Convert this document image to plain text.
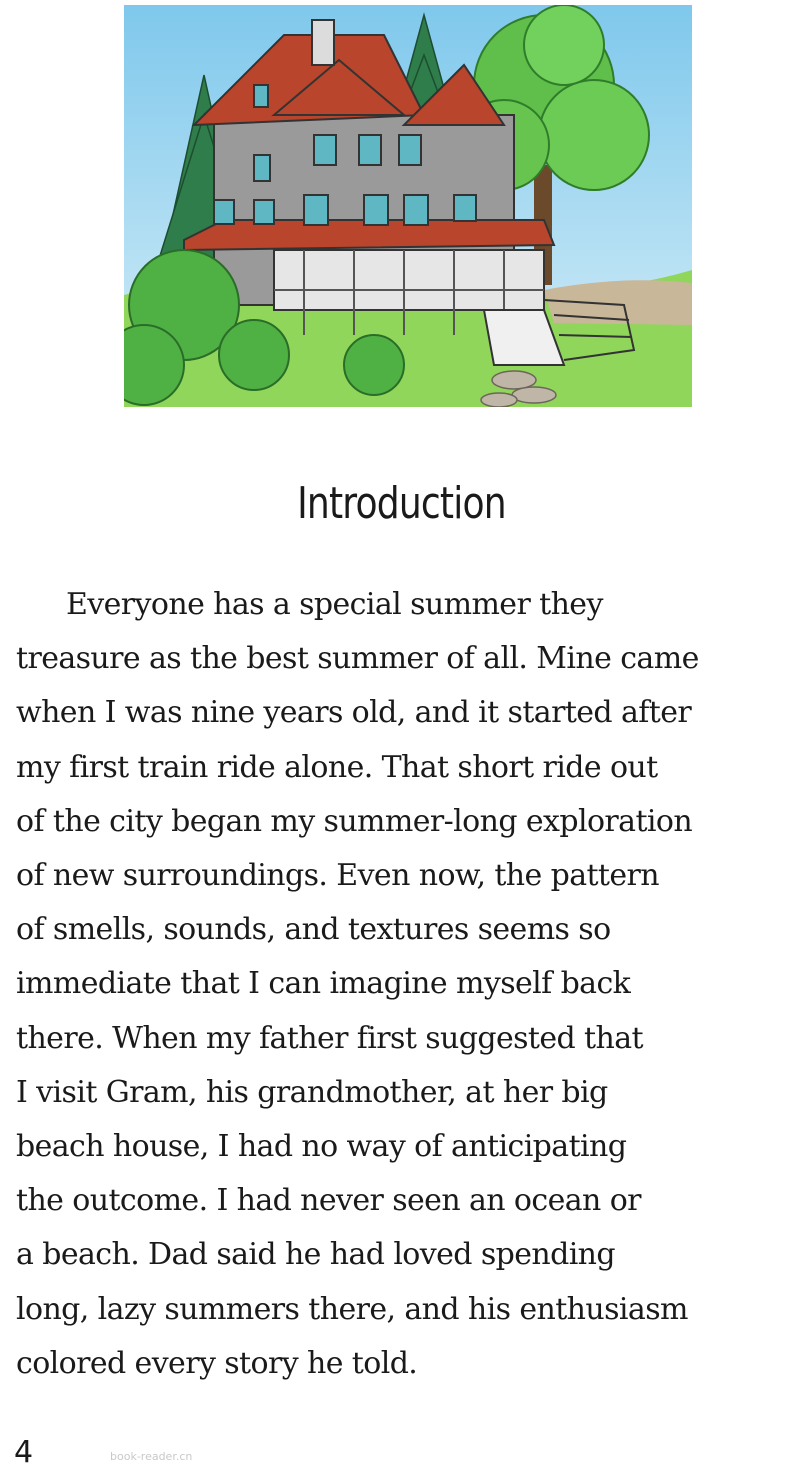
Introduction

Everyone has a special summer they
treasure as the best summer of all. Mine came
when I was nine years old, and it started after
my first train ride alone. That short ride out
of the city began my summer-long exploration
of new surroundings. Even now, the pattern
of smells, sounds, and textures seems so
immediate that I can imagine myself back
there. When my father first suggested that
I visit Gram, his grandmother, at her big
beach house, I had no way of anticipating
the outcome. I had never seen an ocean or
a beach. Dad said he had loved spending
long, lazy summers there, and his enthusiasm
colored every story he told.

4	book-reader.cn
